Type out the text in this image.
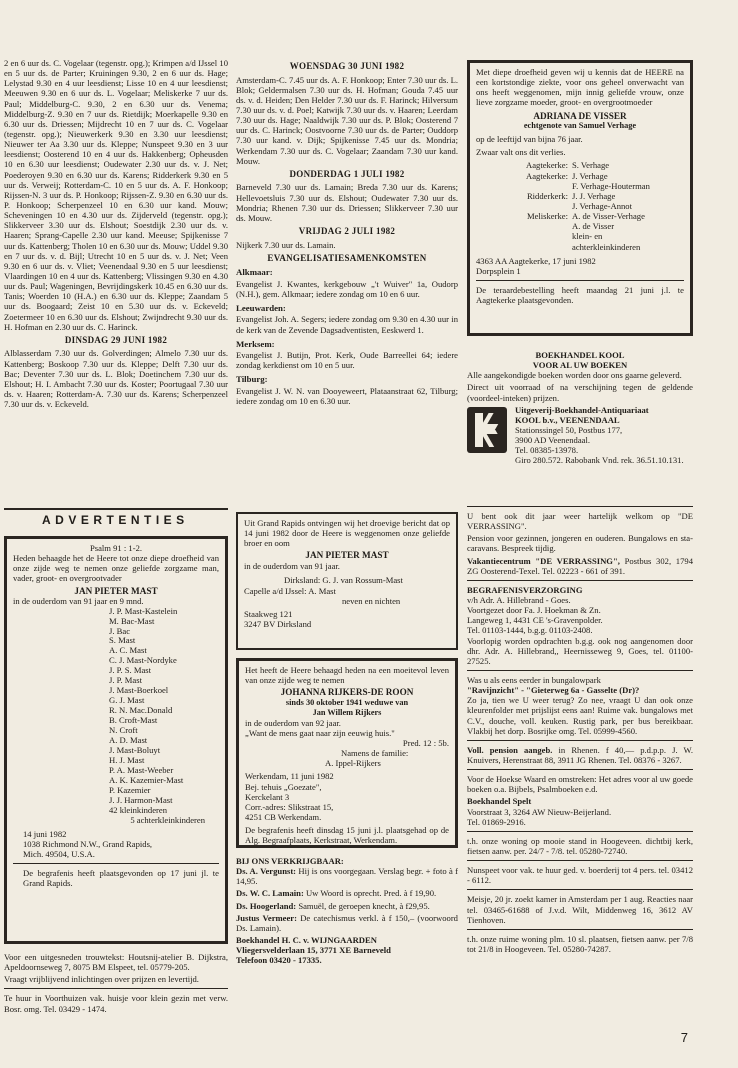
2 en 6 uur ds. C. Vogelaar (tegenstr. opg.); Krimpen a/d IJssel 10 en 5 uur ds. de Parter; Kruiningen 9.30, 2 en 6 uur ds. Hage; Lelystad 9.30 en 4 uur leesdienst; Lisse 10 en 4 uur leesdienst; Meeuwen 9.30 en 6 uur ds. L. Vogelaar; Meliskerke 7 uur ds. Paul; Middelburg-C. 9.30, 2 en 6.30 uur ds. Venema; Middelburg-Z. 9.30 en 7 uur ds. Rietdijk; Moerkapelle 9.30 en 6.30 uur ds. Driessen; Mijdrecht 10 en 7 uur ds. C. Vogelaar (tegenstr. opg.); Nieuwerkerk 9.30 en 3.30 uur leesdienst; Nieuwer ter Aa 3.30 uur ds. Kleppe; Nunspeet 9.30 en 3 uur leesdienst; Oosterend 10 en 4 uur ds. Hakkenberg; Opheusden 10 en 6.30 uur leesdienst; Oudewater 2.30 uur ds. v. J. Net; Poederoyen 9.30 en 6.30 uur ds. Karens; Ridderkerk 9.30 en 5 uur ds. Verweij; Rotterdam-C. 10 en 5 uur ds. A. F. Honkoop; Rijssen-N. 3 uur ds. P. Honkoop; Rijssen-Z. 9.30 en 6.30 uur ds. P. Honkoop; Scherpenzeel 10 en 6.30 uur kand. Mouw; Scheveningen 10 en 4.30 uur ds. Zijderveld (tegenstr. opg.); Slikkerveer 3.30 uur ds. Elshout; Soestdijk 2.30 uur ds. v. Haaren; Sprang-Capelle 2.30 uur kand. Meeuse; Spijkenisse 7 uur ds. Kattenberg; Tholen 10 en 6.30 uur ds. Mouw; Uddel 9.30 en 7 uur ds. v. d. Bijl; Utrecht 10 en 5 uur ds. v. J. Net; Veen 9.30 en 6 uur ds. v. Vliet; Veenendaal 9.30 en 5 uur leesdienst; Vlaardingen 10 en 4 uur ds. Kattenberg; Vlissingen 9.30 en 4.30 uur ds. Paul; Wageningen, Bevrijdingskerk 10.45 en 6.30 uur ds. Tanis; Woerden 10 (H.A.) en 6.30 uur ds. Kleppe; Zaandam 5 uur ds. Boogaard; Zeist 10 en 5.30 uur ds. v. Eckeveld; Zoetermeer 10 en 6.30 uur ds. Elshout; Zwijndrecht 9.30 uur ds. H. Hofman en 2.30 uur ds. C. Harinck.

DINSDAG 29 JUNI 1982

Alblasserdam 7.30 uur ds. Golverdingen; Almelo 7.30 uur ds. Kattenberg; Boskoop 7.30 uur ds. Kleppe; Delft 7.30 uur ds. Bac; Deventer 7.30 uur ds. L. Blok; Doetinchem 7.30 uur ds. Elshout; H. I. Ambacht 7.30 uur ds. Koster; Poortugaal 7.30 uur ds. v. Haaren; Rotterdam-A. 7.30 uur ds. Karens; Scherpenzeel 7.30 uur ds. v. Eckeveld.

WOENSDAG 30 JUNI 1982

Amsterdam-C. 7.45 uur ds. A. F. Honkoop; Enter 7.30 uur ds. L. Blok; Geldermalsen 7.30 uur ds. H. Hofman; Gouda 7.45 uur ds. v. d. Heiden; Den Helder 7.30 uur ds. F. Harinck; Hilversum 7.30 uur ds. v. d. Poel; Katwijk 7.30 uur ds. v. Haaren; Leerdam 7.30 uur ds. Hage; Naaldwijk 7.30 uur ds. P. Blok; Oosterend 7 uur ds. C. Harinck; Oostvoorne 7.30 uur ds. de Parter; Ouddorp 7.30 uur kand. v. Dijk; Spijkenisse 7.45 uur ds. Mondria; Werkendam 7.30 uur ds. C. Vogelaar; Zaandam 7.30 uur kand. Mouw.

DONDERDAG 1 JULI 1982

Barneveld 7.30 uur ds. Lamain; Breda 7.30 uur ds. Karens; Hellevoetsluis 7.30 uur ds. Elshout; Oudewater 7.30 uur ds. Mondria; Rhenen 7.30 uur ds. Driessen; Slikkerveer 7.30 uur ds. Mouw.

VRIJDAG 2 JULI 1982

Nijkerk 7.30 uur ds. Lamain.

EVANGELISATIESAMENKOMSTEN
Alkmaar:

Evangelist J. Kwantes, kerkgebouw „'t Wuiver" 1a, Oudorp (N.H.), gem. Alkmaar; iedere zondag om 10 en 6 uur.

Leeuwarden:

Evangelist Joh. A. Segers; iedere zondag om 9.30 en 4.30 uur in de kerk van de Zevende Dagsadventisten, Eeskwerd 1.

Merksem:

Evangelist J. Butijn, Prot. Kerk, Oude Barreellei 64; iedere zondag kerkdienst om 10 en 5 uur.

Tilburg:

Evangelist J. W. N. van Dooyeweert, Plataanstraat 62, Tilburg; iedere zondag om 10 en 6.30 uur.

Met diepe droefheid geven wij u kennis dat de HEERE na een kortstondige ziekte, voor ons geheel onverwacht van ons heeft weggenomen, mijn innig geliefde vrouw, onze lieve zorgzame moeder, groot- en overgrootmoeder

ADRIANA DE VISSER
echtgenote van Samuel Verhage

op de leeftijd van bijna 76 jaar.

Zwaar valt ons dit verlies.

Aagtekerke: S. Verhage
Aagtekerke: J. Verhage
F. Verhage-Houterman
Ridderkerk: J. J. Verhage
J. Verhage-Annot
Meliskerke: A. de Visser-Verhage
A. de Visser
klein- en
achterkleinkinderen
4363 AA Aagtekerke, 17 juni 1982
Dorpsplein 1

De teraardebestelling heeft maandag 21 juni j.l. te Aagtekerke plaatsgevonden.

BOEKHANDEL KOOL
VOOR AL UW BOEKEN

Alle aangekondigde boeken worden door ons gaarne geleverd.

Direct uit voorraad of na verschijning tegen de geldende (voordeel-inteken) prijzen.

Uitgeverij-Boekhandel-Antiquariaat
KOOL b.v., VEENENDAAL
Stationssingel 50, Postbus 177,
3900 AD Veenendaal.
Tel. 08385-13978.
Giro 280.572. Rabobank Vnd. rek. 36.51.10.131.
ADVERTENTIES
Psalm 91 : 1-2.

Heden behaagde het de Heere tot onze diepe droefheid van onze zijde weg te nemen onze geliefde zorgzame man, vader, groot- en overgrootvader

JAN PIETER MAST
in de ouderdom van 91 jaar en 9 mnd.
J. P. Mast-Kastelein
M. Bac-Mast
J. Bac
S. Mast
A. C. Mast
C. J. Mast-Nordyke
J. P. S. Mast
J. P. Mast
J. Mast-Boerkoel
G. J. Mast
R. N. Mac.Donald
B. Croft-Mast
N. Croft
A. D. Mast
J. Mast-Boluyt
H. J. Mast
P. A. Mast-Weeber
A. K. Kazemier-Mast
P. Kazemier
J. J. Harmon-Mast
42 kleinkinderen
5 achterkleinkinderen
14 juni 1982
1038 Richmond N.W., Grand Rapids,
Mich. 49504, U.S.A.

De begrafenis heeft plaatsgevonden op 17 juni jl. te Grand Rapids.

Voor een uitgesneden trouwtekst: Houtsnij-atelier B. Dijkstra, Apeldoornseweg 7, 8075 BM Elspeet, tel. 05779-205.

Vraagt vrijblijvend inlichtingen over prijzen en levertijd.

Te huur in Voorthuizen vak. huisje voor klein gezin met verw. Bosr. omg. Tel. 03429 - 1474.

Uit Grand Rapids ontvingen wij het droevige bericht dat op 14 juni 1982 door de Heere is weggenomen onze geliefde broer en oom

JAN PIETER MAST
in de ouderdom van 91 jaar.
Dirksland: G. J. van Rossum-Mast
Capelle a/d IJssel: A. Mast
neven en nichten
Staakweg 121
3247 BV Dirksland

Het heeft de Heere behaagd heden na een moeitevol leven van onze zijde weg te nemen

JOHANNA RIJKERS-DE ROON
sinds 30 oktober 1941 weduwe van
Jan Willem Rijkers
in de ouderdom van 92 jaar.
„Want de mens gaat naar zijn eeuwig huis."
Pred. 12 : 5b.
Namens de familie:
A. Ippel-Rijkers
Werkendam, 11 juni 1982
Bej. tehuis „Goezate",
Kerckelant 3
Corr.-adres: Slikstraat 15,
4251 CB Werkendam.

De begrafenis heeft dinsdag 15 juni j.l. plaatsgehad op de Alg. Begraafplaats, Kerkstraat, Werkendam.

BIJ ONS VERKRIJGBAAR:

Ds. A. Vergunst: Hij is ons voorgegaan. Verslag begr. + foto à f 14,95.

Ds. W. C. Lamain: Uw Woord is oprecht. Pred. à f 19,90.

Ds. Hoogerland: Samuël, de geroepen knecht, à f29,95.

Justus Vermeer: De catechismus verkl. à f 150,– (voorwoord Ds. Lamain).

Boekhandel H. C. v. WIJNGAARDEN
Vliegersvelderlaan 15, 3771 XE Barneveld
Telefoon 03420 - 17335.

U bent ook dit jaar weer hartelijk welkom op "DE VERRASSING".

Pension voor gezinnen, jongeren en ouderen. Bungalows en sta-caravans. Bespreek tijdig.

Vakantiecentrum "DE VERRASSING", Postbus 302, 1794 ZG Oosterend-Texel. Tel. 02223 - 661 of 391.

BEGRAFENISVERZORGING
v/h Adr. A. Hillebrand - Goes.
Voortgezet door Fa. J. Hoekman & Zn.
Langeweg 1, 4431 CE 's-Gravenpolder.
Tel. 01103-1444, b.g.g. 01103-2408.

Voorlopig worden opdrachten b.g.g. ook nog aangenomen door dhr. Adr. A. Hillebrand,, Heernisseweg 9, Goes, tel. 01100-27525.

Was u als eens eerder in bungalowpark
"Ravijnzicht" - "Gieterweg 6a - Gasselte (Dr)?

Zo ja, tien we U weer terug? Zo nee, vraagt U dan ook onze kleurenfolder met prijslijst eens aan! Ruime vak. bungalows met C.V., douche, voll. keuken. Rustig park, per bus bereikbaar. Vlakbij het dorp. Bosrijke omg. Tel. 05999-4560.

Voll. pension aangeb. in Rhenen. f 40,— p.d.p.p. J. W. Knuivers, Herenstraat 88, 3911 JG Rhenen. Tel. 08376 - 3267.

Voor de Hoekse Waard en omstreken: Het adres voor al uw goede boeken o.a. Bijbels, Psalmboeken e.d.

Boekhandel Spelt
Voorstraat 3, 3264 AW Nieuw-Beijerland.
Tel. 01869-2916.

t.h. onze woning op mooie stand in Hoogeveen. dichtbij kerk, fietsen aanw. per. 24/7 - 7/8. tel. 05280-72740.

Nunspeet voor vak. te huur ged. v. boerderij tot 4 pers. tel. 03412 - 6112.

Meisje, 20 jr. zoekt kamer in Amsterdam per 1 aug. Reacties naar tel. 03465-61688 of J.v.d. Wilt, Middenweg 16, 3612 AV Tienhoven.

t.h. onze ruime woning plm. 10 sl. plaatsen, fietsen aanw. per 7/8 tot 21/8 in Hoogeveen. Tel. 05280-74287.

7
